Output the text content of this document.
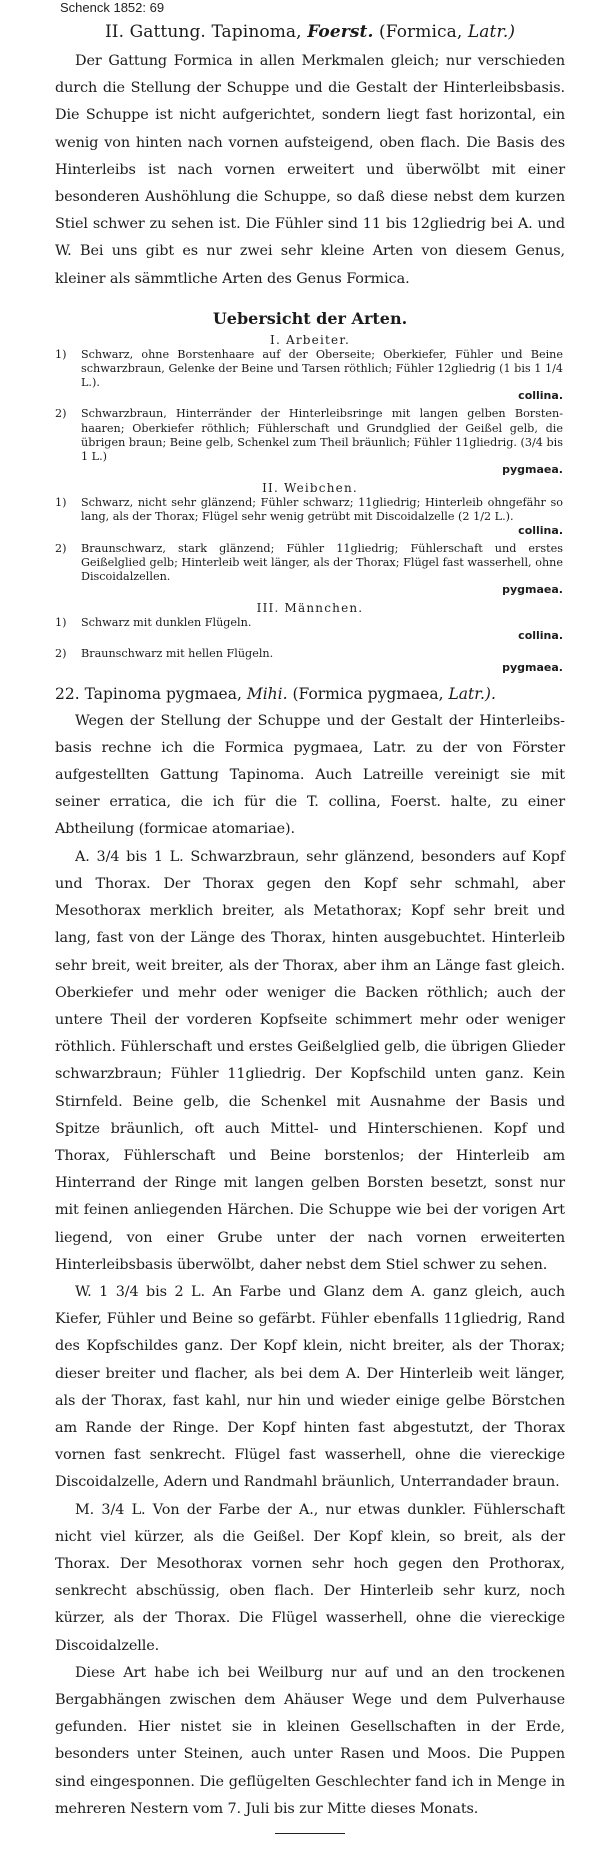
Schenck 1852: 69
II. Gattung. Tapinoma, Foerst. (Formica, Latr.)

Der Gattung Formica in allen Merkmalen gleich; nur verschieden durch die Stellung der Schuppe und die Gestalt der Hinterleibsbasis. Die Schuppe ist nicht aufgerichtet, sondern liegt fast horizontal, ein wenig von hinten nach vornen aufsteigend, oben flach. Die Basis des Hinterleibs ist nach vornen erweitert und überwölbt mit einer besonderen Aushöhlung die Schuppe, so daß diese nebst dem kurzen Stiel schwer zu sehen ist. Die Fühler sind 11 bis 12gliedrig bei A. und W. Bei uns gibt es nur zwei sehr kleine Arten von diesem Genus, kleiner als sämmtliche Arten des Genus Formica.

Uebersicht der Arten.
I. Arbeiter.
1) Schwarz, ohne Borstenhaare auf der Oberseite; Oberkiefer, Fühler und Beine schwarzbraun, Gelenke der Beine und Tarsen röthlich; Fühler 12gliedrig (1 bis 1 1/4 L.).
collina.
2) Schwarzbraun, Hinterränder der Hinterleibsringe mit langen gelben Borstenhaaren; Oberkiefer röthlich; Fühlerschaft und Grundglied der Geißel gelb, die übrigen braun; Beine gelb, Schenkel zum Theil bräunlich; Fühler 11gliedrig. (3/4 bis 1 L.)
pygmaea.
II. Weibchen.
1) Schwarz, nicht sehr glänzend; Fühler schwarz; 11gliedrig; Hinterleib ohngefähr so lang, als der Thorax; Flügel sehr wenig getrübt mit Discoidalzelle (2 1/2 L.).
collina.
2) Braunschwarz, stark glänzend; Fühler 11gliedrig; Fühlerschaft und erstes Geißelglied gelb; Hinterleib weit länger, als der Thorax; Flügel fast wasserhell, ohne Discoidalzellen.
pygmaea.
III. Männchen.
1) Schwarz mit dunklen Flügeln.
collina.
2) Braunschwarz mit hellen Flügeln.
pygmaea.
22. Tapinoma pygmaea, Mihi. (Formica pygmaea, Latr.).

Wegen der Stellung der Schuppe und der Gestalt der Hinterleibsbasis rechne ich die Formica pygmaea, Latr. zu der von Förster aufgestellten Gattung Tapinoma. Auch Latreille vereinigt sie mit seiner erratica, die ich für die T. collina, Foerst. halte, zu einer Abtheilung (formicae atomariae).

A. 3/4 bis 1 L. Schwarzbraun, sehr glänzend, besonders auf Kopf und Thorax. Der Thorax gegen den Kopf sehr schmahl, aber Mesothorax merklich breiter, als Metathorax; Kopf sehr breit und lang, fast von der Länge des Thorax, hinten ausgebuchtet. Hinterleib sehr breit, weit breiter, als der Thorax, aber ihm an Länge fast gleich. Oberkiefer und mehr oder weniger die Backen röthlich; auch der untere Theil der vorderen Kopfseite schimmert mehr oder weniger röthlich. Fühlerschaft und erstes Geißelglied gelb, die übrigen Glieder schwarzbraun; Fühler 11gliedrig. Der Kopfschild unten ganz. Kein Stirnfeld. Beine gelb, die Schenkel mit Ausnahme der Basis und Spitze bräunlich, oft auch Mittel- und Hinterschienen. Kopf und Thorax, Fühlerschaft und Beine borstenlos; der Hinterleib am Hinterrand der Ringe mit langen gelben Borsten besetzt, sonst nur mit feinen anliegenden Härchen. Die Schuppe wie bei der vorigen Art liegend, von einer Grube unter der nach vornen erweiterten Hinterleibsbasis überwölbt, daher nebst dem Stiel schwer zu sehen.

W. 1 3/4 bis 2 L. An Farbe und Glanz dem A. ganz gleich, auch Kiefer, Fühler und Beine so gefärbt. Fühler ebenfalls 11gliedrig, Rand des Kopfschildes ganz. Der Kopf klein, nicht breiter, als der Thorax; dieser breiter und flacher, als bei dem A. Der Hinterleib weit länger, als der Thorax, fast kahl, nur hin und wieder einige gelbe Börstchen am Rande der Ringe. Der Kopf hinten fast abgestutzt, der Thorax vornen fast senkrecht. Flügel fast wasserhell, ohne die viereckige Discoidalzelle, Adern und Randmahl bräunlich, Unterrandader braun.

M. 3/4 L. Von der Farbe der A., nur etwas dunkler. Fühlerschaft nicht viel kürzer, als die Geißel. Der Kopf klein, so breit, als der Thorax. Der Mesothorax vornen sehr hoch gegen den Prothorax, senkrecht abschüssig, oben flach. Der Hinterleib sehr kurz, noch kürzer, als der Thorax. Die Flügel wasserhell, ohne die viereckige Discoidalzelle.

Diese Art habe ich bei Weilburg nur auf und an den trockenen Bergabhängen zwischen dem Ahäuser Wege und dem Pulverhause gefunden. Hier nistet sie in kleinen Gesellschaften in der Erde, besonders unter Steinen, auch unter Rasen und Moos. Die Puppen sind eingesponnen. Die geflügelten Geschlechter fand ich in Menge in mehreren Nestern vom 7. Juli bis zur Mitte dieses Monats.
